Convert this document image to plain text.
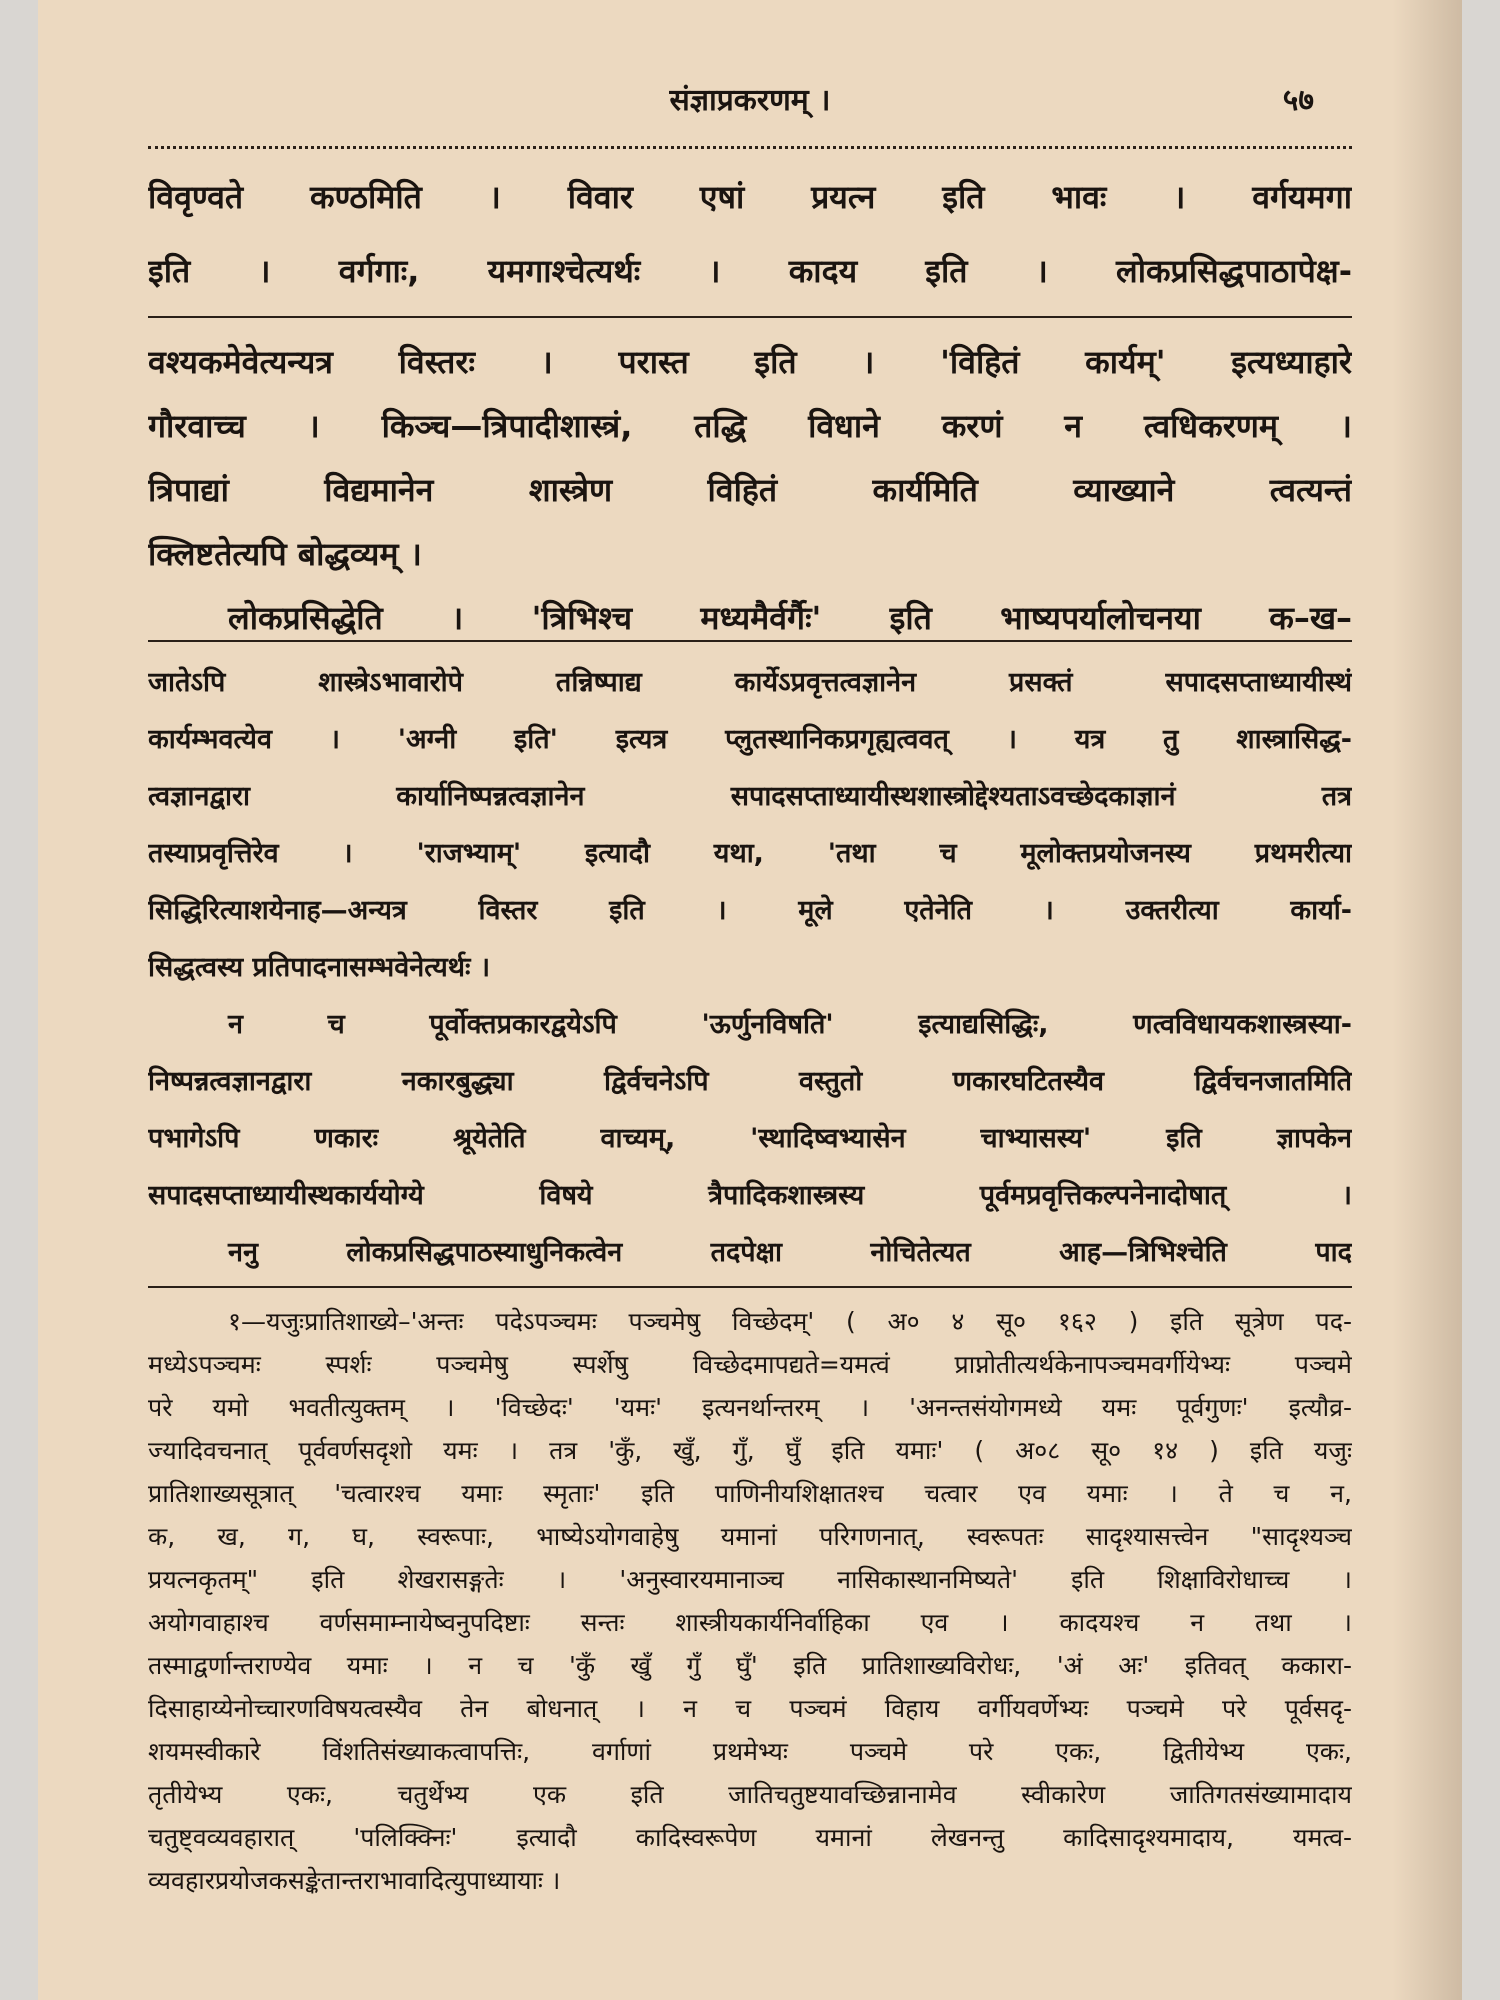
संज्ञाप्रकरणम् ।	५७
विवृण्वते कण्ठमिति । विवार एषां प्रयत्न इति भावः । वर्गयमगा
इति । वर्गगाः, यमगाश्चेत्यर्थः । कादय इति । लोकप्रसिद्धपाठापेक्ष-
वश्यकमेवेत्यन्यत्र विस्तरः । परास्त इति । 'विहितं कार्यम्' इत्यध्याहारे
गौरवाच्च । किञ्च—त्रिपादीशास्त्रं, तद्धि विधाने करणं न त्वधिकरणम् ।
त्रिपाद्यां विद्यमानेन शास्त्रेण विहितं कार्यमिति व्याख्याने त्वत्यन्तं
क्लिष्टतेत्यपि बोद्धव्यम् ।
लोकप्रसिद्धेति । 'त्रिभिश्च मध्यमैर्वर्गैः' इति भाष्यपर्यालोचनया क–ख–
जातेऽपि शास्त्रेऽभावारोपे तन्निष्पाद्य कार्येऽप्रवृत्तत्वज्ञानेन प्रसक्तं सपादसप्ताध्यायीस्थं
कार्यम्भवत्येव । 'अग्नी इति' इत्यत्र प्लुतस्थानिकप्रगृह्यत्ववत् । यत्र तु शास्त्रासिद्ध-
त्वज्ञानद्वारा कार्यानिष्पन्नत्वज्ञानेन सपादसप्ताध्यायीस्थशास्त्रोद्देश्यताऽवच्छेदकाज्ञानं तत्र
तस्याप्रवृत्तिरेव । 'राजभ्याम्' इत्यादौ यथा, 'तथा च मूलोक्तप्रयोजनस्य प्रथमरीत्या
सिद्धिरित्याशयेनाह—अन्यत्र विस्तर इति । मूले एतेनेति । उक्तरीत्या कार्या-
सिद्धत्वस्य प्रतिपादनासम्भवेनेत्यर्थः ।
न च पूर्वोक्तप्रकारद्वयेऽपि 'ऊर्णुनविषति' इत्याद्यसिद्धिः, णत्वविधायकशास्त्रस्या-
निष्पन्नत्वज्ञानद्वारा नकारबुद्ध्या द्विर्वचनेऽपि वस्तुतो णकारघटितस्यैव द्विर्वचनजातमिति
पभागेऽपि णकारः श्रूयेतेति वाच्यम्, 'स्थादिष्वभ्यासेन चाभ्यासस्य' इति ज्ञापकेन
सपादसप्ताध्यायीस्थकार्ययोग्ये विषये त्रैपादिकशास्त्रस्य पूर्वमप्रवृत्तिकल्पनेनादोषात् ।
ननु लोकप्रसिद्धपाठस्याधुनिकत्वेन तदपेक्षा नोचितेत्यत आह—त्रिभिश्चेति पाद
१—यजुःप्रातिशाख्ये–'अन्तः पदेऽपञ्चमः पञ्चमेषु विच्छेदम्' ( अ० ४ सू० १६२ ) इति सूत्रेण पद-
मध्येऽपञ्चमः स्पर्शः पञ्चमेषु स्पर्शेषु विच्छेदमापद्यते=यमत्वं प्राप्नोतीत्यर्थकेनापञ्चमवर्गीयेभ्यः पञ्चमे
परे यमो भवतीत्युक्तम् । 'विच्छेदः' 'यमः' इत्यनर्थान्तरम् । 'अनन्तसंयोगमध्ये यमः पूर्वगुणः' इत्यौव्र-
ज्यादिवचनात् पूर्ववर्णसदृशो यमः । तत्र 'कुँ, खुँ, गुँ, घुँ इति यमाः' ( अ०८ सू० १४ ) इति यजुः
प्रातिशाख्यसूत्रात् 'चत्वारश्च यमाः स्मृताः' इति पाणिनीयशिक्षातश्च चत्वार एव यमाः । ते च न,
क, ख, ग, घ, स्वरूपाः, भाष्येऽयोगवाहेषु यमानां परिगणनात्, स्वरूपतः सादृश्यासत्त्वेन "सादृश्यञ्च
प्रयत्नकृतम्" इति शेखरासङ्गतेः । 'अनुस्वारयमानाञ्च नासिकास्थानमिष्यते' इति शिक्षाविरोधाच्च ।
अयोगवाहाश्च वर्णसमाम्नायेष्वनुपदिष्टाः सन्तः शास्त्रीयकार्यनिर्वाहिका एव । कादयश्च न तथा ।
तस्माद्वर्णान्तराण्येव यमाः । न च 'कुँ खुँ गुँ घुँ' इति प्रातिशाख्यविरोधः, 'अं अः' इतिवत् ककारा-
दिसाहाय्येनोच्चारणविषयत्वस्यैव तेन बोधनात् । न च पञ्चमं विहाय वर्गीयवर्णेभ्यः पञ्चमे परे पूर्वसदृ-
शयमस्वीकारे विंशतिसंख्याकत्वापत्तिः, वर्गाणां प्रथमेभ्यः पञ्चमे परे एकः, द्वितीयेभ्य एकः,
तृतीयेभ्य एकः, चतुर्थेभ्य एक इति जातिचतुष्टयावच्छिन्नानामेव स्वीकारेण जातिगतसंख्यामादाय
चतुष्ट्वव्यवहारात् 'पलिक्क्निः' इत्यादौ कादिस्वरूपेण यमानां लेखनन्तु कादिसादृश्यमादाय, यमत्व-
व्यवहारप्रयोजकसङ्केतान्तराभावादित्युपाध्यायाः ।
